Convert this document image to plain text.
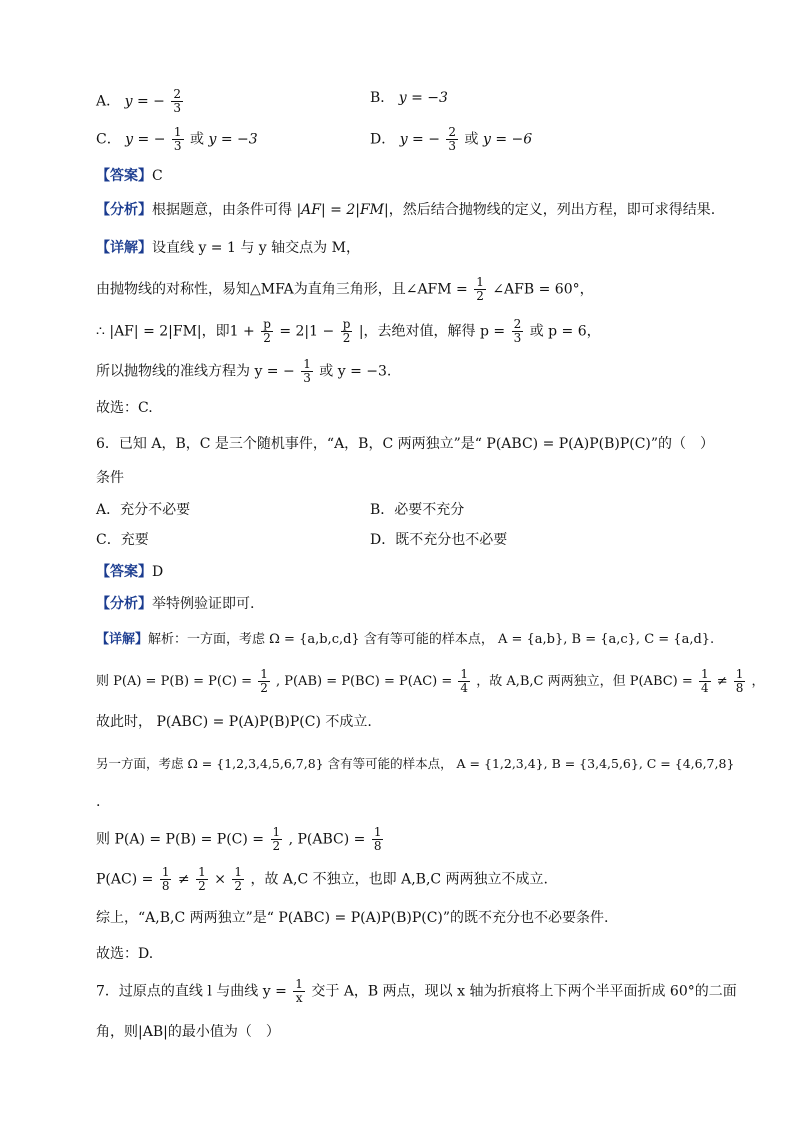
A． y = − $\frac{2}{3}$	B． y = −3
C． y = − $\frac{1}{3}$ 或 y = −3	D． y = − $\frac{2}{3}$ 或 y = −6
【答案】C
【分析】根据题意，由条件可得 |AF| = 2|FM|，然后结合抛物线的定义，列出方程，即可求得结果.
【详解】设直线 y = 1 与 y 轴交点为 M，
由抛物线的对称性，易知△MFA为直角三角形，且∠AFM = $\frac{1}{2}$ ∠AFB = 60°，
∴ |AF| = 2|FM|，即$1 + \frac{p}{2} = 2|1 - \frac{p}{2}$ |，去绝对值，解得 $p = \frac{2}{3}$ 或 p = 6，
所以抛物线的准线方程为 y = − $\frac{1}{3}$ 或 y = −3.
故选：C.
6．已知 A，B，C 是三个随机事件，“A，B，C 两两独立”是“ P(ABC) = P(A)P(B)P(C)”的（　）
条件
A．充分不必要	B．必要不充分
C．充要	D．既不充分也不必要
【答案】D
【分析】举特例验证即可.
【详解】解析：一方面，考虑 Ω = {a,b,c,d} 含有等可能的样本点， A = {a,b}, B = {a,c}, C = {a,d}.
则 $P(A) = P(B) = P(C) = \frac{1}{2}$ , $P(AB) = P(BC) = P(AC) = \frac{1}{4}$ ，故 A,B,C 两两独立，但 $P(ABC) = \frac{1}{4} \ne \frac{1}{8}$ ，
故此时， P(ABC) = P(A)P(B)P(C) 不成立.
另一方面，考虑 Ω = {1,2,3,4,5,6,7,8} 含有等可能的样本点， A = {1,2,3,4}, B = {3,4,5,6}, C = {4,6,7,8}
.
则 $P(A) = P(B) = P(C) = \frac{1}{2}$ , $P(ABC) = \frac{1}{8}$
$P(AC) = \frac{1}{8} \ne \frac{1}{2} \times \frac{1}{2}$ ，故 A,C 不独立，也即 A,B,C 两两独立不成立.
综上，“A,B,C 两两独立”是“ P(ABC) = P(A)P(B)P(C)”的既不充分也不必要条件.
故选：D.
7．过原点的直线 l 与曲线 $y = \frac{1}{x}$ 交于 A，B 两点，现以 x 轴为折痕将上下两个半平面折成 60°的二面
角，则|AB|的最小值为（　）
